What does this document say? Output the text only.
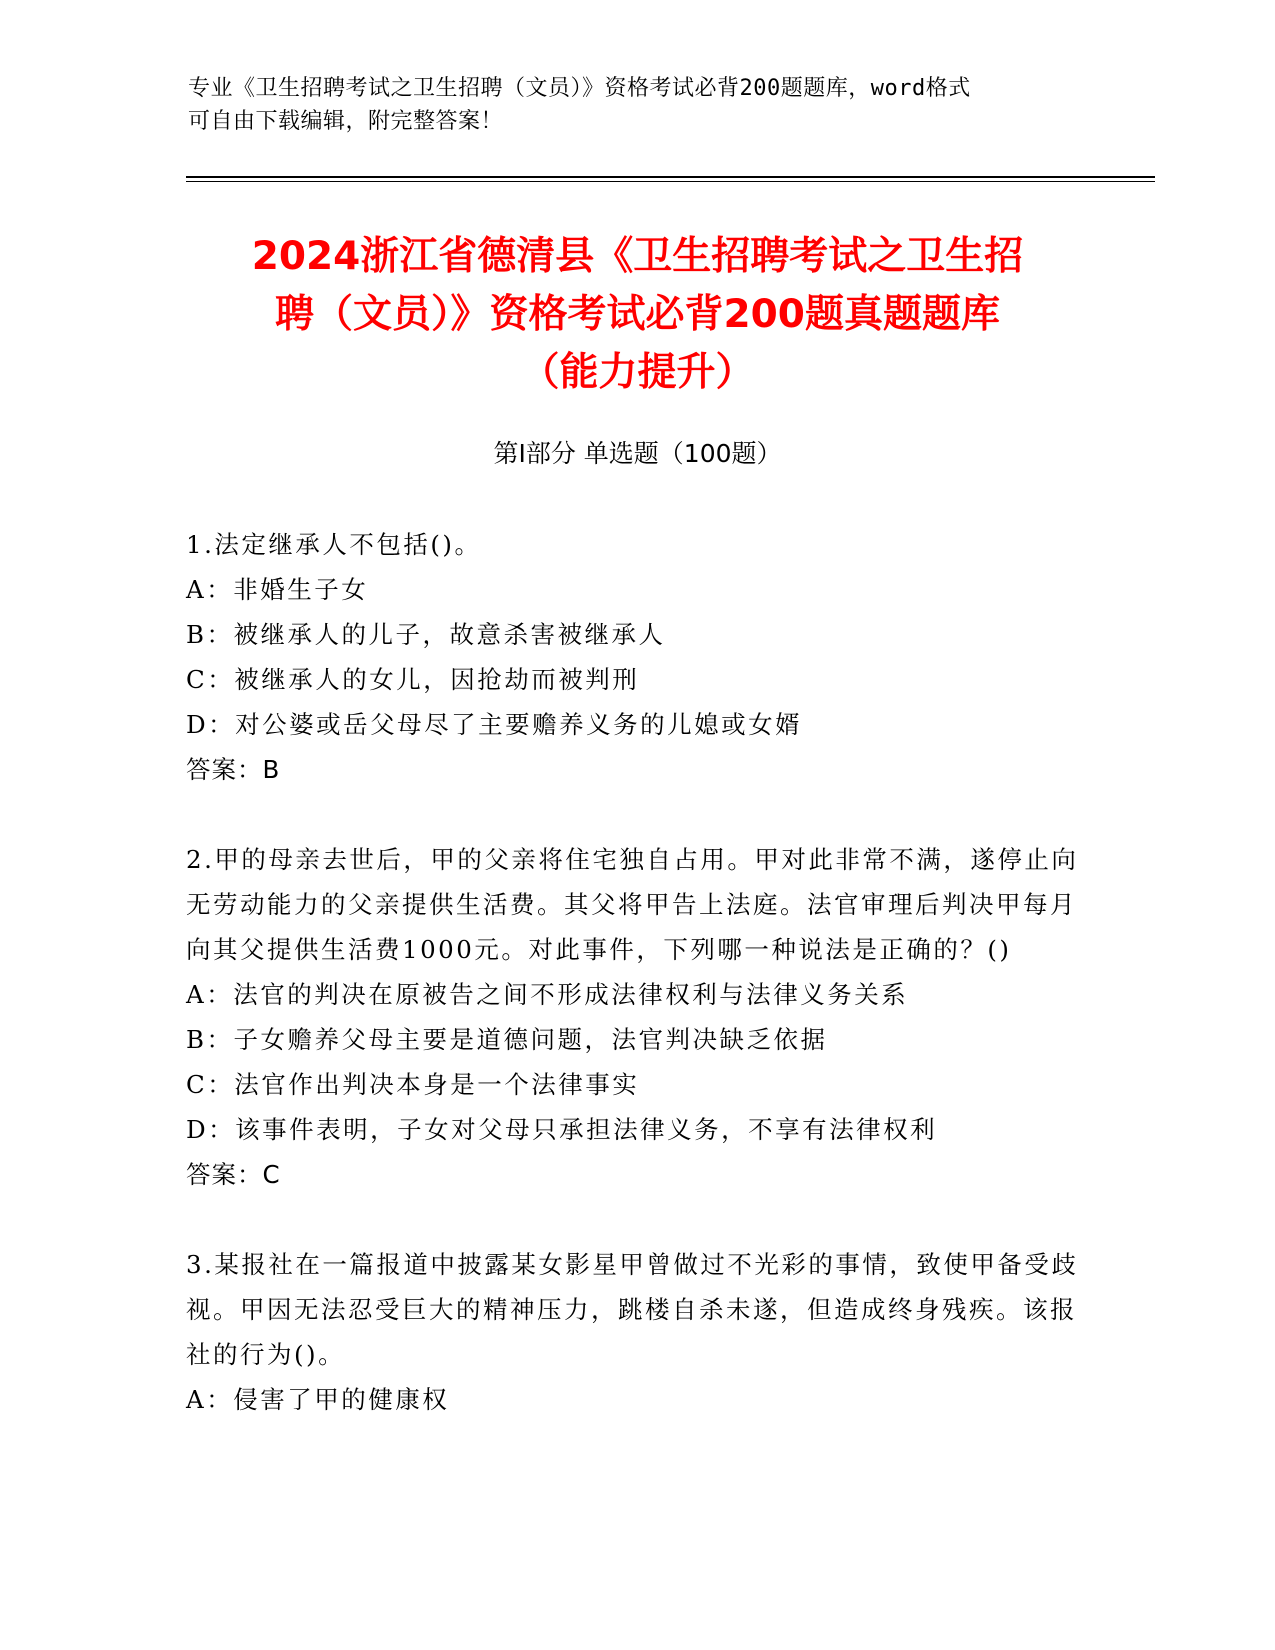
专业《卫生招聘考试之卫生招聘（文员）》资格考试必背200题题库，word格式
可自由下载编辑，附完整答案！
2024浙江省德清县《卫生招聘考试之卫生招
聘（文员）》资格考试必背200题真题题库
（能力提升）
第Ⅰ部分 单选题（100题）

1.法定继承人不包括()。

A：非婚生子女

B：被继承人的儿子，故意杀害被继承人

C：被继承人的女儿，因抢劫而被判刑

D：对公婆或岳父母尽了主要赡养义务的儿媳或女婿

答案：B

2.甲的母亲去世后，甲的父亲将住宅独自占用。甲对此非常不满，遂停止向无劳动能力的父亲提供生活费。其父将甲告上法庭。法官审理后判决甲每月向其父提供生活费1000元。对此事件，下列哪一种说法是正确的？()

A：法官的判决在原被告之间不形成法律权利与法律义务关系

B：子女赡养父母主要是道德问题，法官判决缺乏依据

C：法官作出判决本身是一个法律事实

D：该事件表明，子女对父母只承担法律义务，不享有法律权利

答案：C

3.某报社在一篇报道中披露某女影星甲曾做过不光彩的事情，致使甲备受歧视。甲因无法忍受巨大的精神压力，跳楼自杀未遂，但造成终身残疾。该报社的行为()。

A：侵害了甲的健康权
